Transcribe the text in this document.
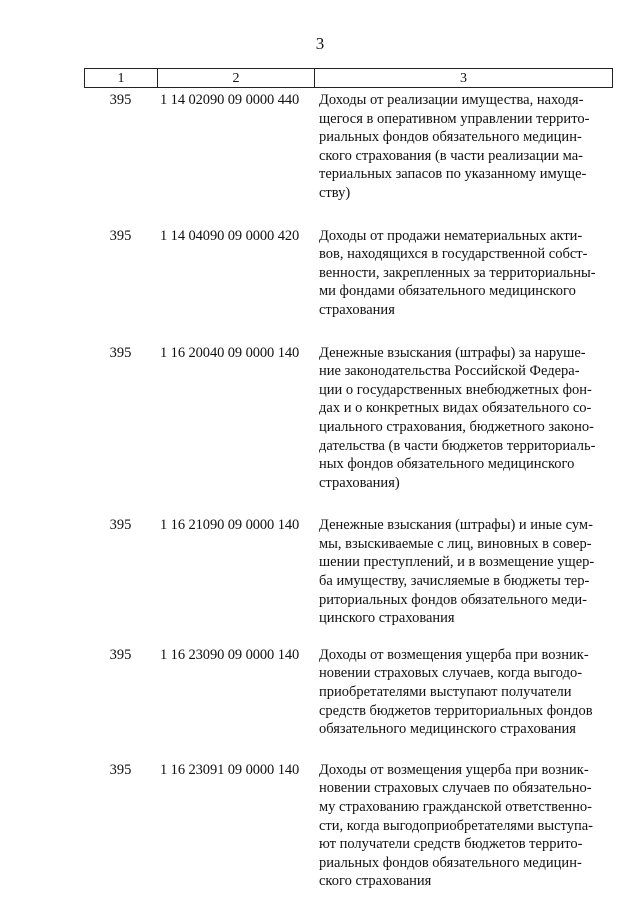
3
1	2	3
395	1 14 02090 09 0000 440	Доходы от реализации имущества, находя-
щегося в оперативном управлении террито-
риальных фондов обязательного медицин-
ского страхования (в части реализации ма-
териальных запасов по указанному имуще-
ству)
395	1 14 04090 09 0000 420	Доходы от продажи нематериальных акти-
вов, находящихся в государственной собст-
венности, закрепленных за территориальны-
ми фондами обязательного медицинского
страхования
395	1 16 20040 09 0000 140	Денежные взыскания (штрафы) за наруше-
ние законодательства Российской Федера-
ции о государственных внебюджетных фон-
дах и о конкретных видах обязательного со-
циального страхования, бюджетного законо-
дательства (в части бюджетов территориаль-
ных фондов обязательного медицинского
страхования)
395	1 16 21090 09 0000 140	Денежные взыскания (штрафы) и иные сум-
мы, взыскиваемые с лиц, виновных в совер-
шении преступлений, и в возмещение ущер-
ба имуществу, зачисляемые в бюджеты тер-
риториальных фондов обязательного меди-
цинского страхования
395	1 16 23090 09 0000 140	Доходы от возмещения ущерба при возник-
новении страховых случаев, когда выгодо-
приобретателями выступают получатели
средств бюджетов территориальных фондов
обязательного медицинского страхования
395	1 16 23091 09 0000 140	Доходы от возмещения ущерба при возник-
новении страховых случаев по обязательно-
му страхованию гражданской ответственно-
сти, когда выгодоприобретателями выступа-
ют получатели средств бюджетов террито-
риальных фондов обязательного медицин-
ского страхования
